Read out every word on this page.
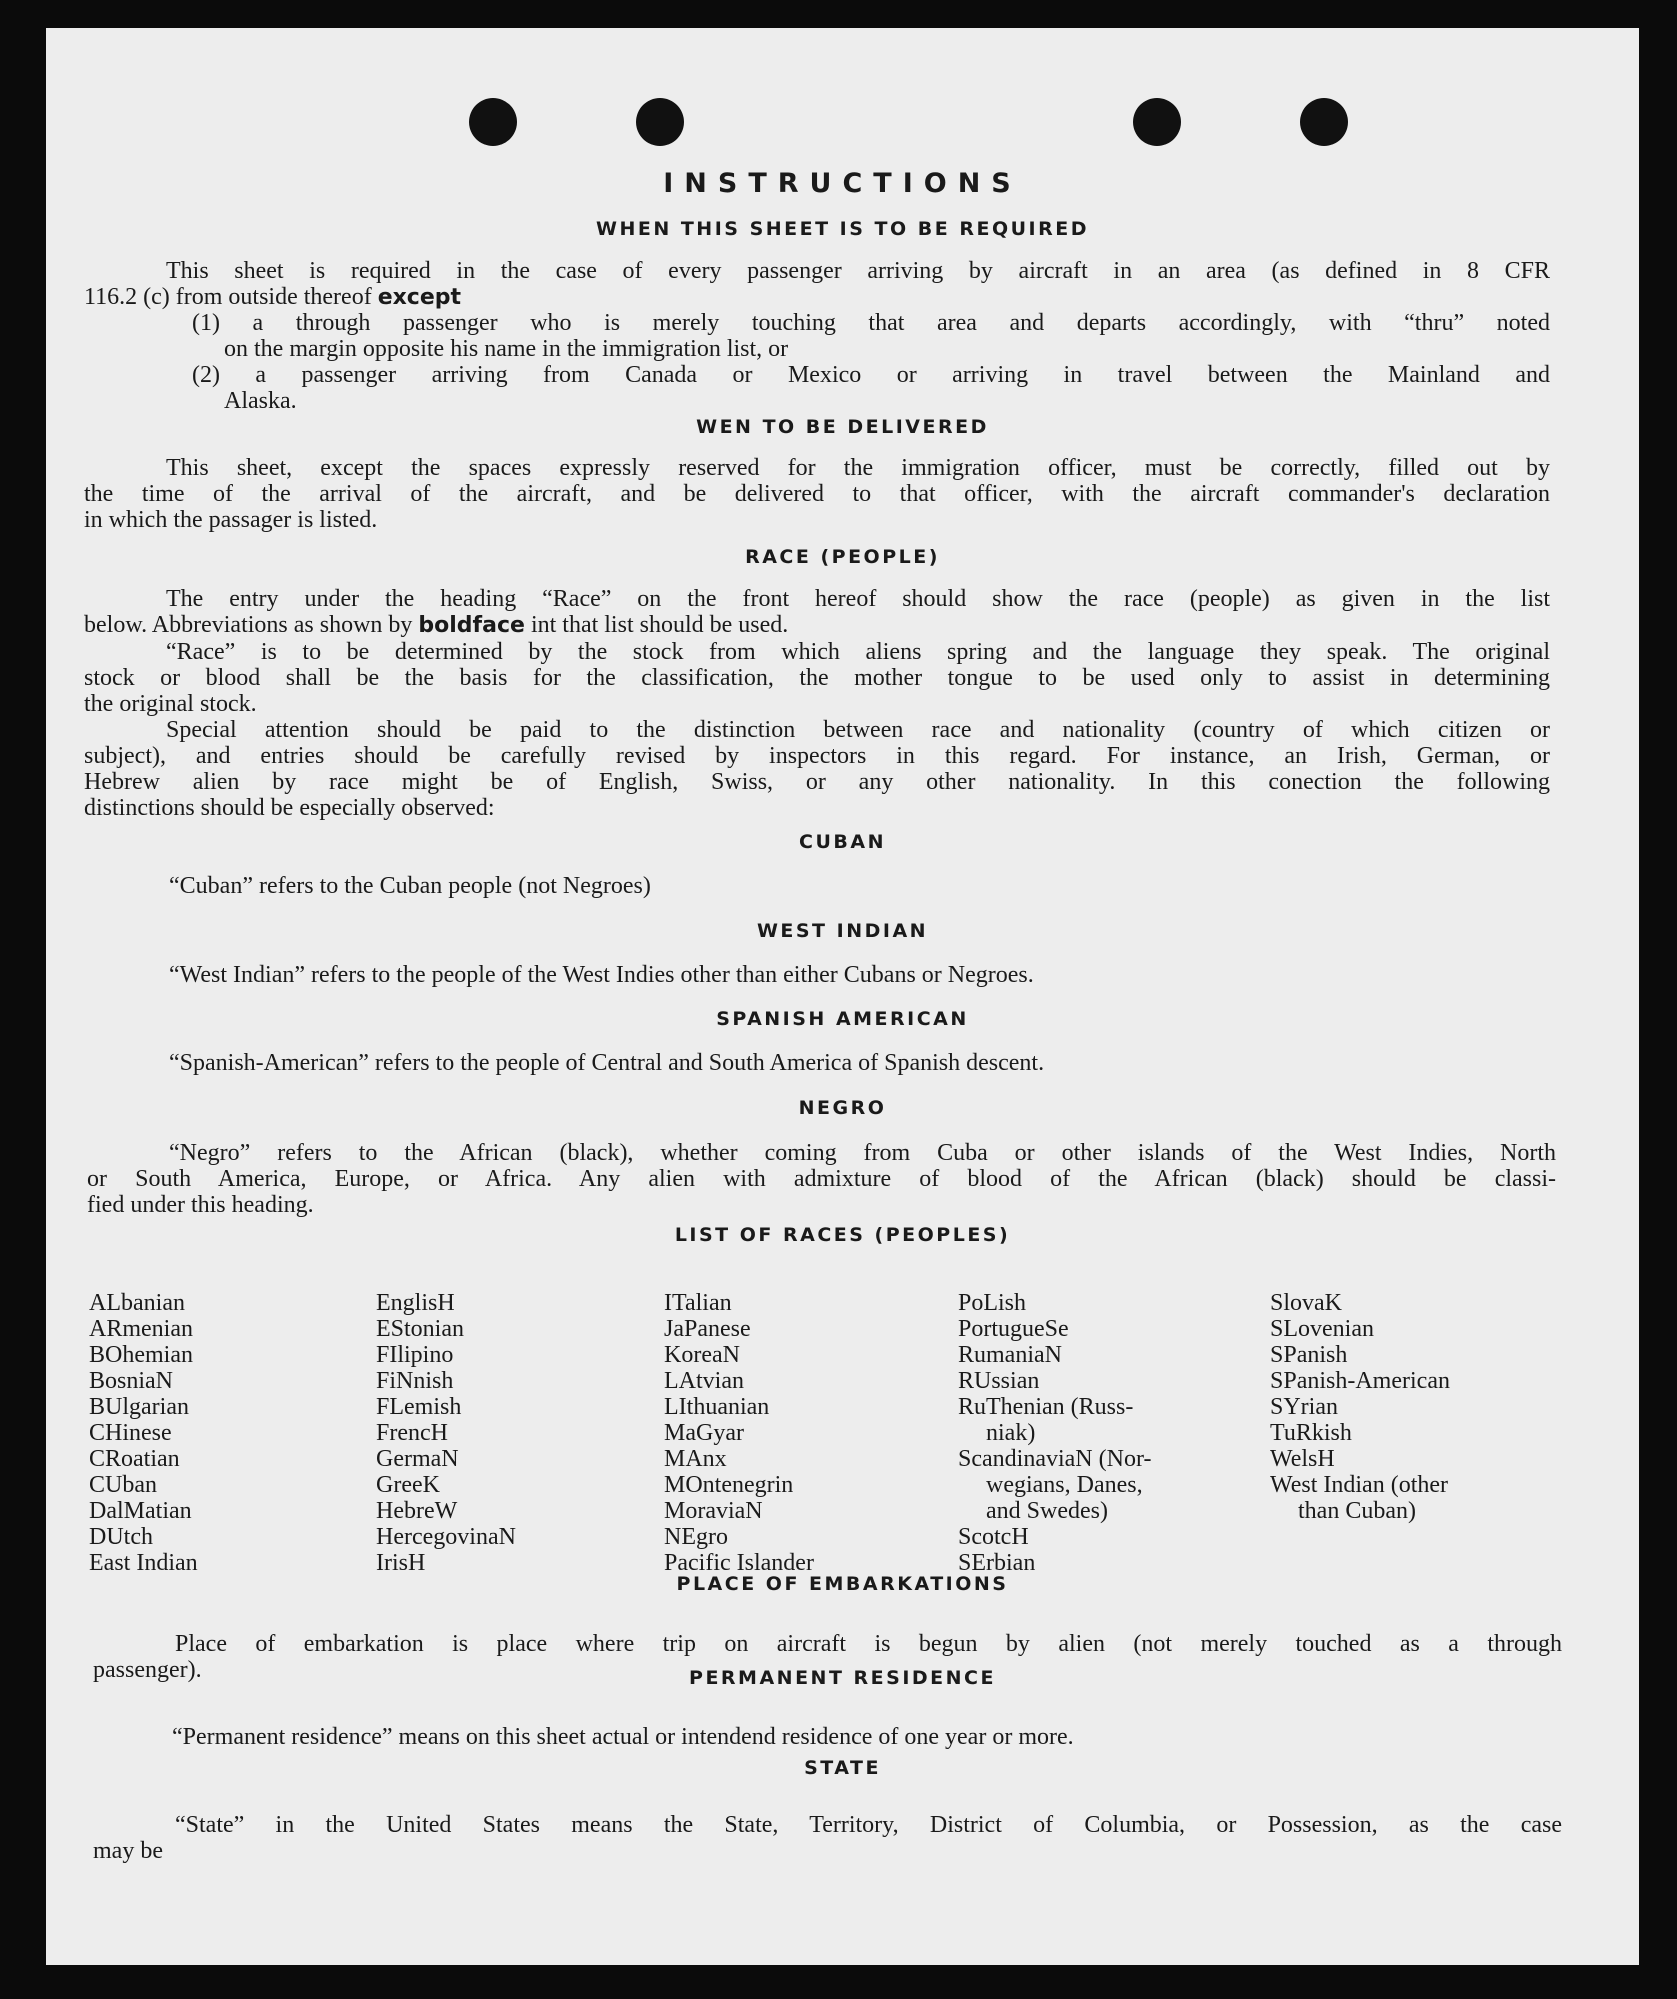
INSTRUCTIONS
WHEN THIS SHEET IS TO BE REQUIRED
This sheet is required in the case of every passenger arriving by aircraft in an area (as defined in 8 CFR
116.2 (c) from outside thereof except
(1) a through passenger who is merely touching that area and departs accordingly, with “thru” noted
on the margin opposite his name in the immigration list, or
(2) a passenger arriving from Canada or Mexico or arriving in travel between the Mainland and
Alaska.
WEN TO BE DELIVERED
This sheet, except the spaces expressly reserved for the immigration officer, must be correctly, filled out by
the time of the arrival of the aircraft, and be delivered to that officer, with the aircraft commander's declaration
in which the passager is listed.
RACE (PEOPLE)
The entry under the heading “Race” on the front hereof should show the race (people) as given in the list
below. Abbreviations as shown by boldface int that list should be used.
“Race” is to be determined by the stock from which aliens spring and the language they speak. The original
stock or blood shall be the basis for the classification, the mother tongue to be used only to assist in determining
the original stock.
Special attention should be paid to the distinction between race and nationality (country of which citizen or
subject), and entries should be carefully revised by inspectors in this regard. For instance, an Irish, German, or
Hebrew alien by race might be of English, Swiss, or any other nationality. In this conection the following
distinctions should be especially observed:
CUBAN
“Cuban” refers to the Cuban people (not Negroes)
WEST INDIAN
“West Indian” refers to the people of the West Indies other than either Cubans or Negroes.
SPANISH AMERICAN
“Spanish-American” refers to the people of Central and South America of Spanish descent.
NEGRO
“Negro” refers to the African (black), whether coming from Cuba or other islands of the West Indies, North
or South America, Europe, or Africa. Any alien with admixture of blood of the African (black) should be classi-
fied under this heading.
LIST OF RACES (PEOPLES)
ALbanian
ARmenian
BOhemian
BosniaN
BUlgarian
CHinese
CRoatian
CUban
DalMatian
DUtch
East Indian
EnglisH
EStonian
FIlipino
FiNnish
FLemish
FrencH
GermaN
GreeK
HebreW
HercegovinaN
IrisH
ITalian
JaPanese
KoreaN
LAtvian
LIthuanian
MaGyar
MAnx
MOntenegrin
MoraviaN
NEgro
Pacific Islander
PoLish
PortugueSe
RumaniaN
RUssian
RuThenian (Russ-
niak)
ScandinaviaN (Nor-
wegians, Danes,
and Swedes)
ScotcH
SErbian
SlovaK
SLovenian
SPanish
SPanish-American
SYrian
TuRkish
WelsH
West Indian (other
than Cuban)
PLACE OF EMBARKATIONS
Place of embarkation is place where trip on aircraft is begun by alien (not merely touched as a through
passenger).	PERMANENT RESIDENCE
“Permanent residence” means on this sheet actual or intendend residence of one year or more.
STATE
“State” in the United States means the State, Territory, District of Columbia, or Possession, as the case
may be
